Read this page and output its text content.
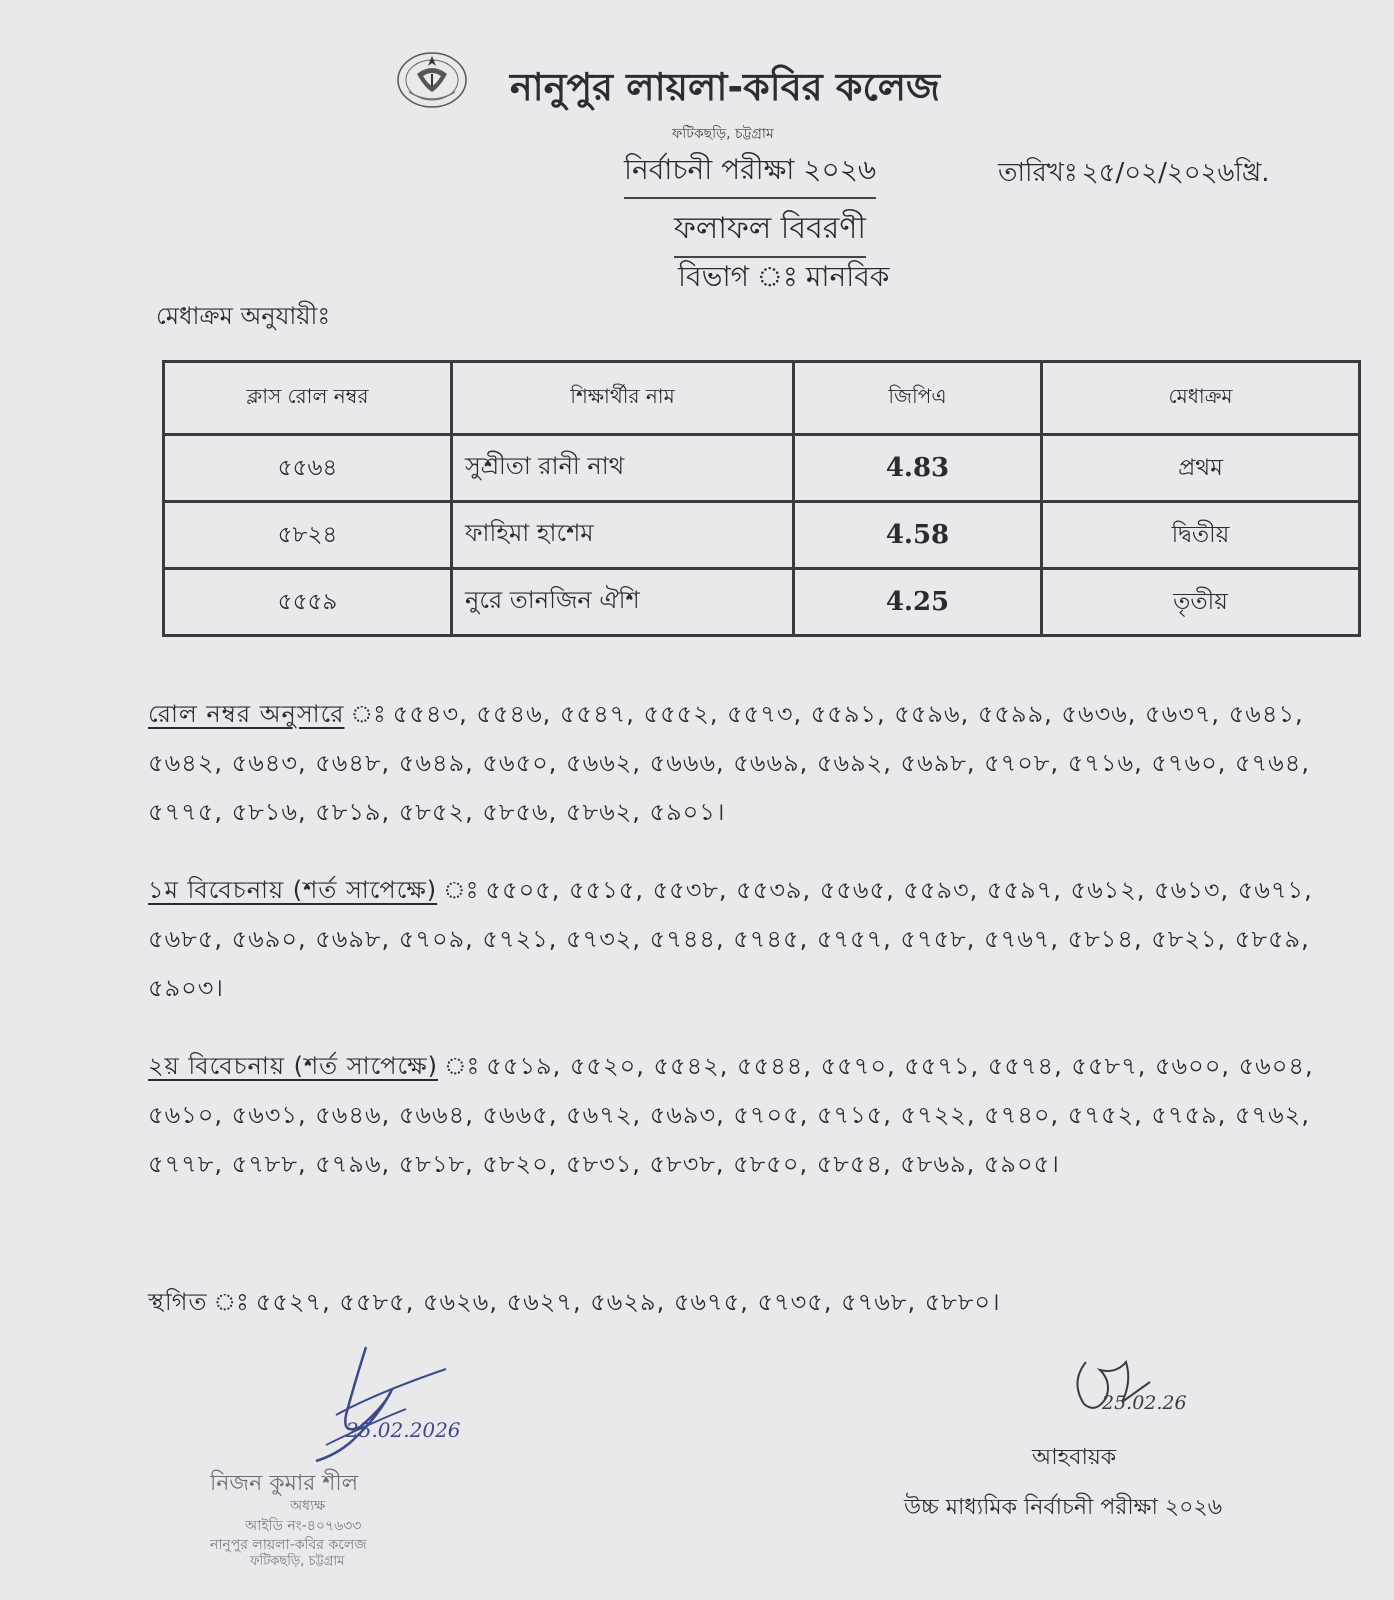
নানুপুর লায়লা-কবির কলেজ
ফটিকছড়ি, চট্টগ্রাম
নির্বাচনী পরীক্ষা ২০২৬	তারিখঃ ২৫/০২/২০২৬খ্রি.
ফলাফল বিবরণী
বিভাগ ঃ মানবিক
মেধাক্রম অনুযায়ীঃ
ক্লাস রোল নম্বর	শিক্ষার্থীর নাম	জিপিএ	মেধাক্রম
৫৫৬৪	সুশ্রীতা রানী নাথ	4.83	প্রথম
৫৮২৪	ফাহিমা হাশেম	4.58	দ্বিতীয়
৫৫৫৯	নুরে তানজিন ঐশি	4.25	তৃতীয়
রোল নম্বর অনুসারে ঃ ৫৫৪৩, ৫৫৪৬, ৫৫৪৭, ৫৫৫২, ৫৫৭৩, ৫৫৯১, ৫৫৯৬, ৫৫৯৯, ৫৬৩৬, ৫৬৩৭, ৫৬৪১, ৫৬৪২, ৫৬৪৩, ৫৬৪৮, ৫৬৪৯, ৫৬৫০, ৫৬৬২, ৫৬৬৬, ৫৬৬৯, ৫৬৯২, ৫৬৯৮, ৫৭০৮, ৫৭১৬, ৫৭৬০, ৫৭৬৪, ৫৭৭৫, ৫৮১৬, ৫৮১৯, ৫৮৫২, ৫৮৫৬, ৫৮৬২, ৫৯০১।
১ম বিবেচনায় (শর্ত সাপেক্ষে) ঃ ৫৫০৫, ৫৫১৫, ৫৫৩৮, ৫৫৩৯, ৫৫৬৫, ৫৫৯৩, ৫৫৯৭, ৫৬১২, ৫৬১৩, ৫৬৭১, ৫৬৮৫, ৫৬৯০, ৫৬৯৮, ৫৭০৯, ৫৭২১, ৫৭৩২, ৫৭৪৪, ৫৭৪৫, ৫৭৫৭, ৫৭৫৮, ৫৭৬৭, ৫৮১৪, ৫৮২১, ৫৮৫৯, ৫৯০৩।
২য় বিবেচনায় (শর্ত সাপেক্ষে) ঃ ৫৫১৯, ৫৫২০, ৫৫৪২, ৫৫৪৪, ৫৫৭০, ৫৫৭১, ৫৫৭৪, ৫৫৮৭, ৫৬০০, ৫৬০৪, ৫৬১০, ৫৬৩১, ৫৬৪৬, ৫৬৬৪, ৫৬৬৫, ৫৬৭২, ৫৬৯৩, ৫৭০৫, ৫৭১৫, ৫৭২২, ৫৭৪০, ৫৭৫২, ৫৭৫৯, ৫৭৬২, ৫৭৭৮, ৫৭৮৮, ৫৭৯৬, ৫৮১৮, ৫৮২০, ৫৮৩১, ৫৮৩৮, ৫৮৫০, ৫৮৫৪, ৫৮৬৯, ৫৯০৫।
স্থগিত ঃ ৫৫২৭, ৫৫৮৫, ৫৬২৬, ৫৬২৭, ৫৬২৯, ৫৬৭৫, ৫৭৩৫, ৫৭৬৮, ৫৮৮০।
25.02.2026
নিজন কুমার শীল
অধ্যক্ষ
আইডি নং-৪০৭৬৩৩
নানুপুর লায়লা-কবির কলেজ
ফটিকছড়ি, চট্টগ্রাম
25.02.26
আহবায়ক
উচ্চ মাধ্যমিক নির্বাচনী পরীক্ষা ২০২৬
